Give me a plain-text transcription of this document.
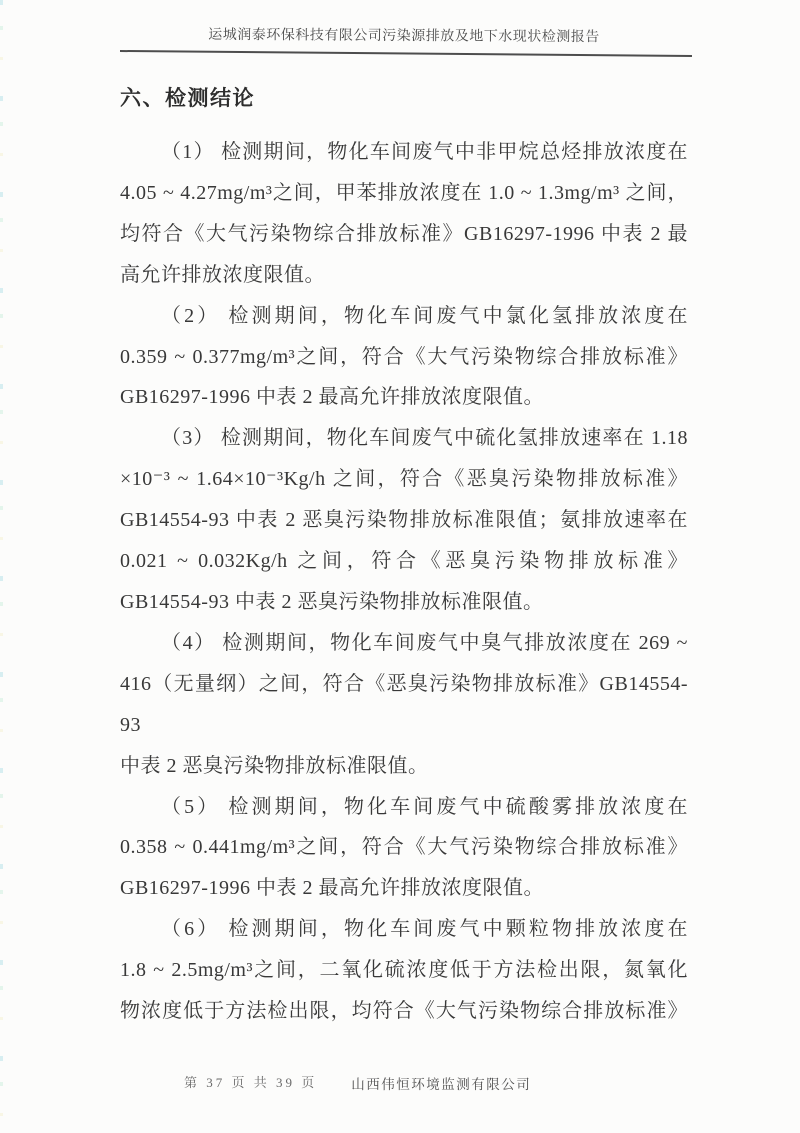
运城润泰环保科技有限公司污染源排放及地下水现状检测报告
六、检测结论
（1） 检测期间，物化车间废气中非甲烷总烃排放浓度在
4.05 ~ 4.27mg/m³之间，甲苯排放浓度在 1.0 ~ 1.3mg/m³ 之间，
均符合《大气污染物综合排放标准》GB16297-1996 中表 2 最
高允许排放浓度限值。
（2） 检测期间，物化车间废气中氯化氢排放浓度在
0.359 ~ 0.377mg/m³之间，符合《大气污染物综合排放标准》
GB16297-1996 中表 2 最高允许排放浓度限值。
（3） 检测期间，物化车间废气中硫化氢排放速率在 1.18
×10⁻³ ~ 1.64×10⁻³Kg/h 之间，符合《恶臭污染物排放标准》
GB14554-93 中表 2 恶臭污染物排放标准限值；氨排放速率在
0.021 ~ 0.032Kg/h 之间，符合《恶臭污染物排放标准》
GB14554-93 中表 2 恶臭污染物排放标准限值。
（4） 检测期间，物化车间废气中臭气排放浓度在 269 ~
416（无量纲）之间，符合《恶臭污染物排放标准》GB14554-93
中表 2 恶臭污染物排放标准限值。
（5） 检测期间，物化车间废气中硫酸雾排放浓度在
0.358 ~ 0.441mg/m³之间，符合《大气污染物综合排放标准》
GB16297-1996 中表 2 最高允许排放浓度限值。
（6） 检测期间，物化车间废气中颗粒物排放浓度在
1.8 ~ 2.5mg/m³之间，二氧化硫浓度低于方法检出限，氮氧化
物浓度低于方法检出限，均符合《大气污染物综合排放标准》
第 37 页 共 39 页	山西伟恒环境监测有限公司
